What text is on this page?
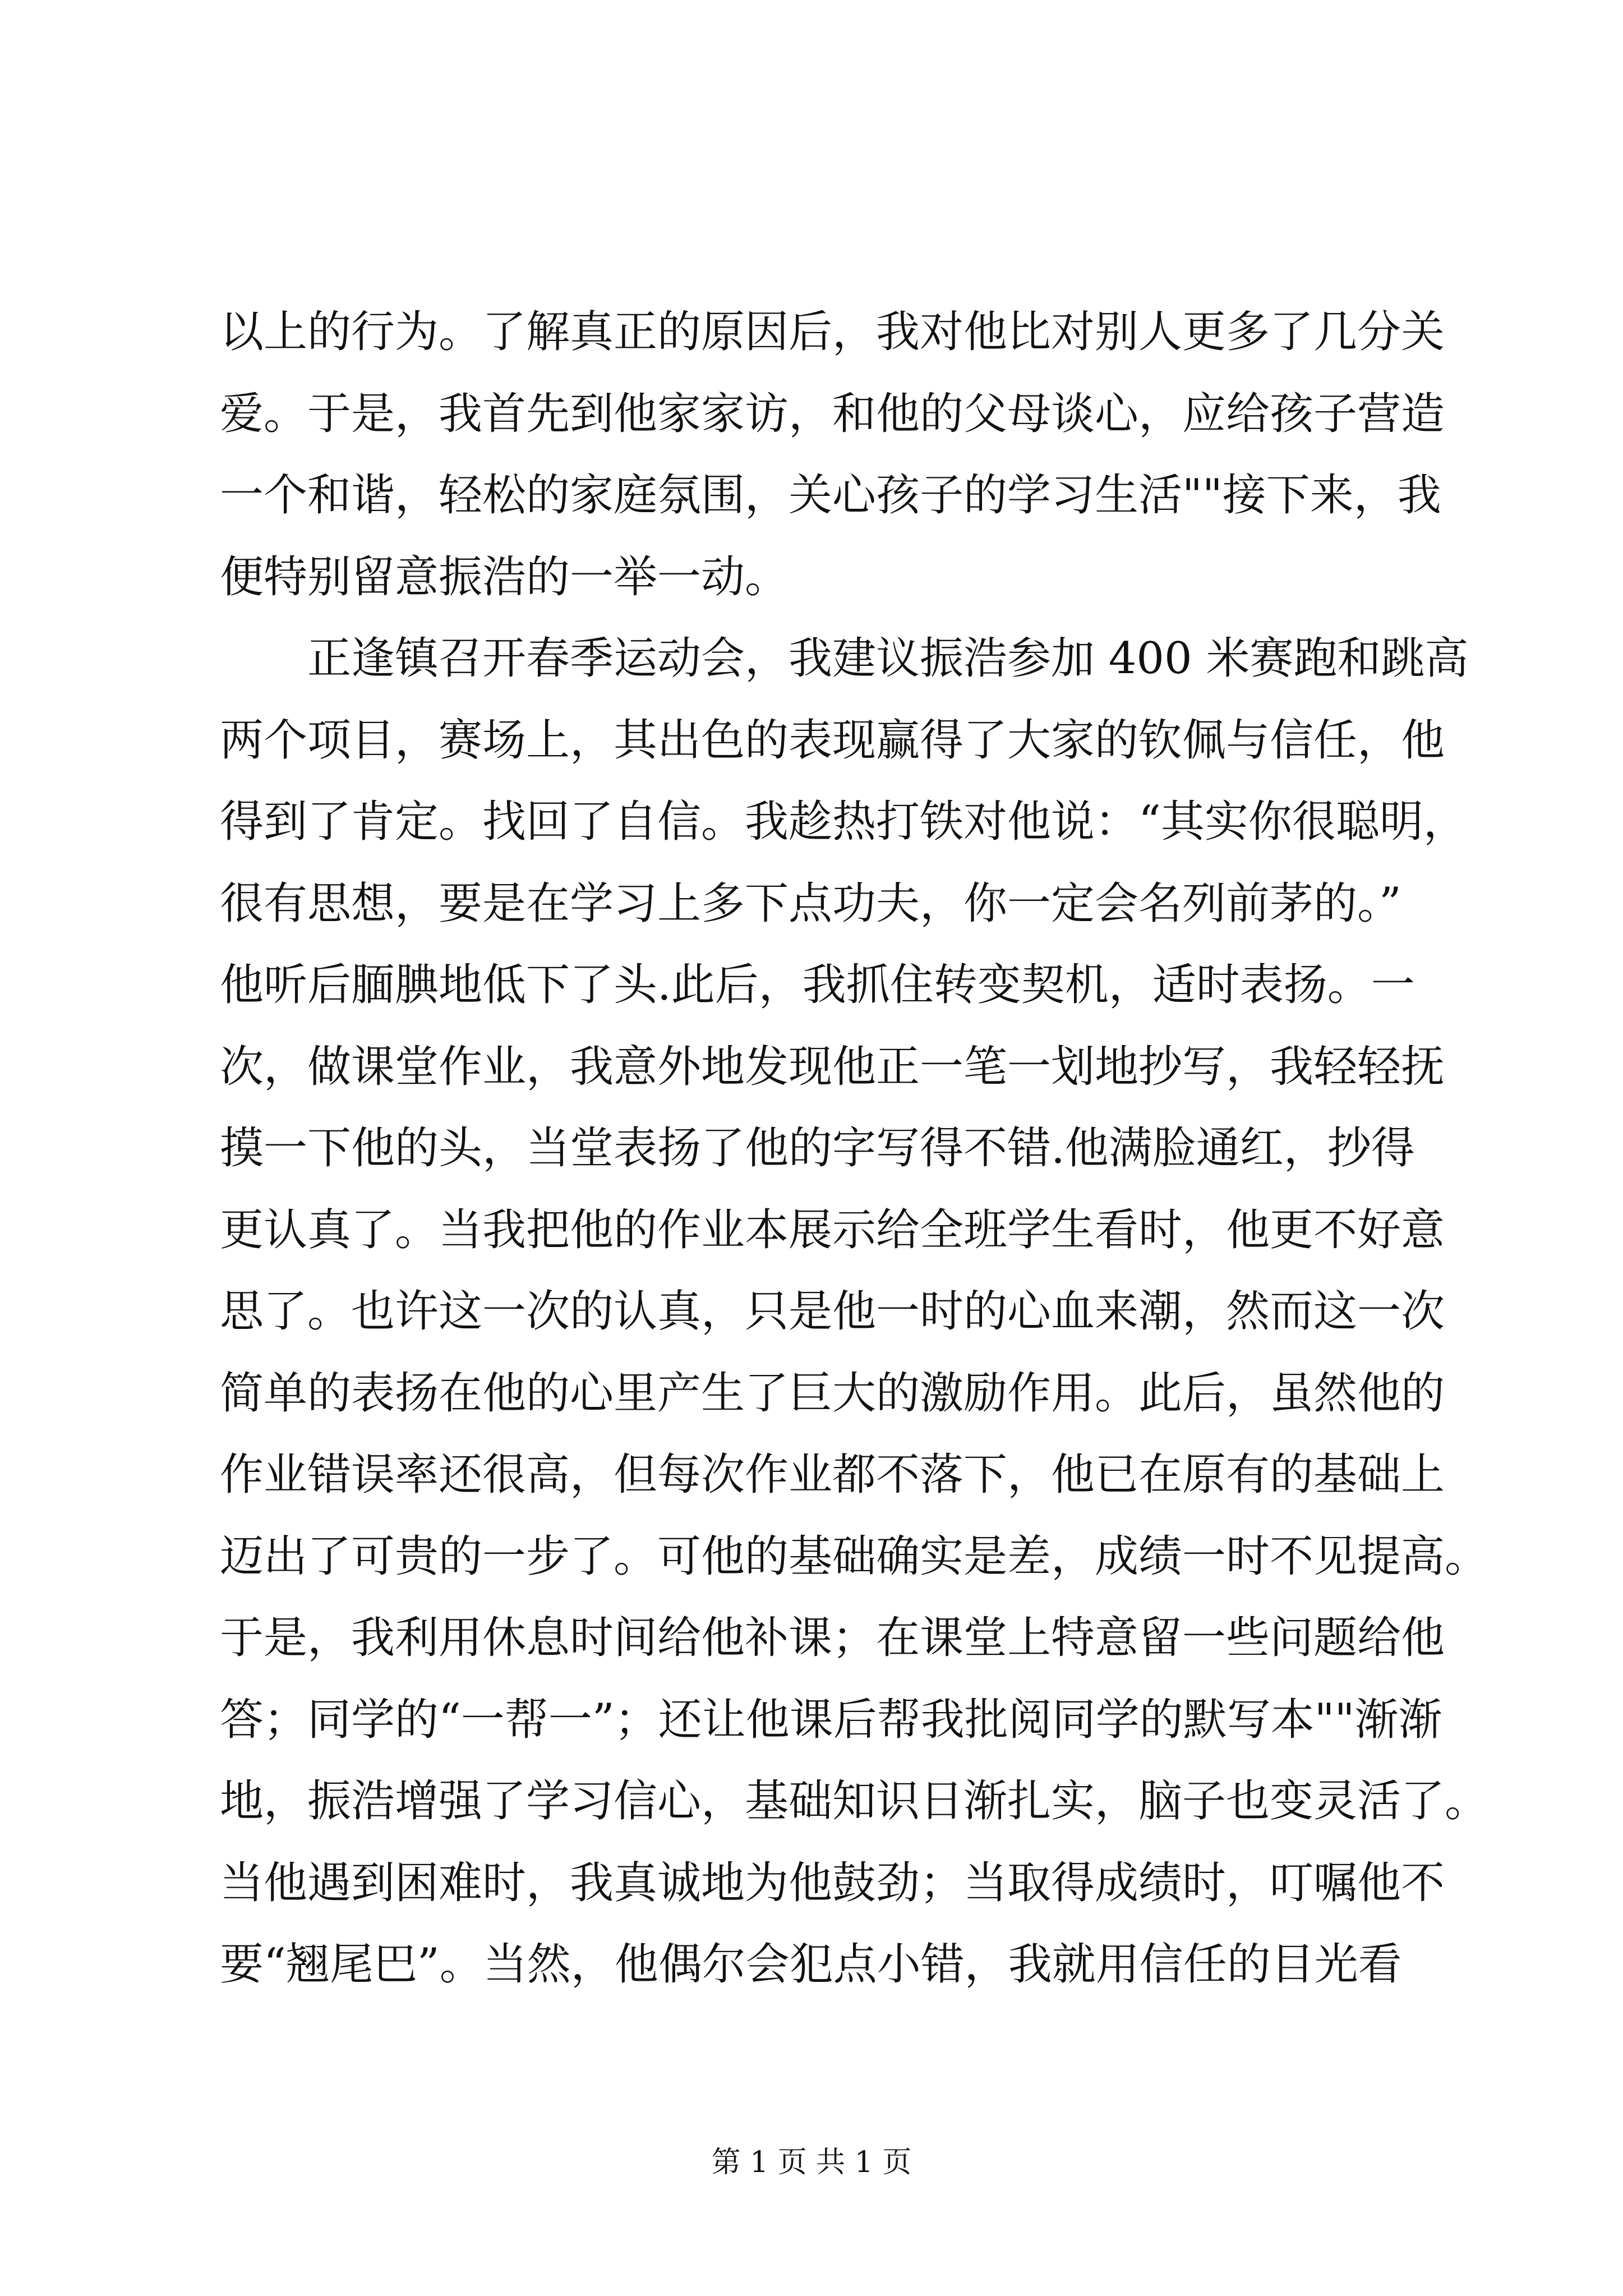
以上的行为。了解真正的原因后，我对他比对别人更多了几分关
爱。于是，我首先到他家家访，和他的父母谈心，应给孩子营造
一个和谐，轻松的家庭氛围，关心孩子的学习生活""接下来，我
便特别留意振浩的一举一动。
正逢镇召开春季运动会，我建议振浩参加 400 米赛跑和跳高
两个项目，赛场上，其出色的表现赢得了大家的钦佩与信任，他
得到了肯定。找回了自信。我趁热打铁对他说：“其实你很聪明，
很有思想，要是在学习上多下点功夫，你一定会名列前茅的。”
他听后腼腆地低下了头.此后，我抓住转变契机，适时表扬。一
次，做课堂作业，我意外地发现他正一笔一划地抄写，我轻轻抚
摸一下他的头，当堂表扬了他的字写得不错.他满脸通红，抄得
更认真了。当我把他的作业本展示给全班学生看时，他更不好意
思了。也许这一次的认真，只是他一时的心血来潮，然而这一次
简单的表扬在他的心里产生了巨大的激励作用。此后，虽然他的
作业错误率还很高，但每次作业都不落下，他已在原有的基础上
迈出了可贵的一步了。可他的基础确实是差，成绩一时不见提高。
于是，我利用休息时间给他补课；在课堂上特意留一些问题给他
答；同学的“一帮一”；还让他课后帮我批阅同学的默写本""渐渐
地，振浩增强了学习信心，基础知识日渐扎实，脑子也变灵活了。
当他遇到困难时，我真诚地为他鼓劲；当取得成绩时，叮嘱他不
要“翘尾巴”。当然，他偶尔会犯点小错，我就用信任的目光看
第 1 页 共 1 页
